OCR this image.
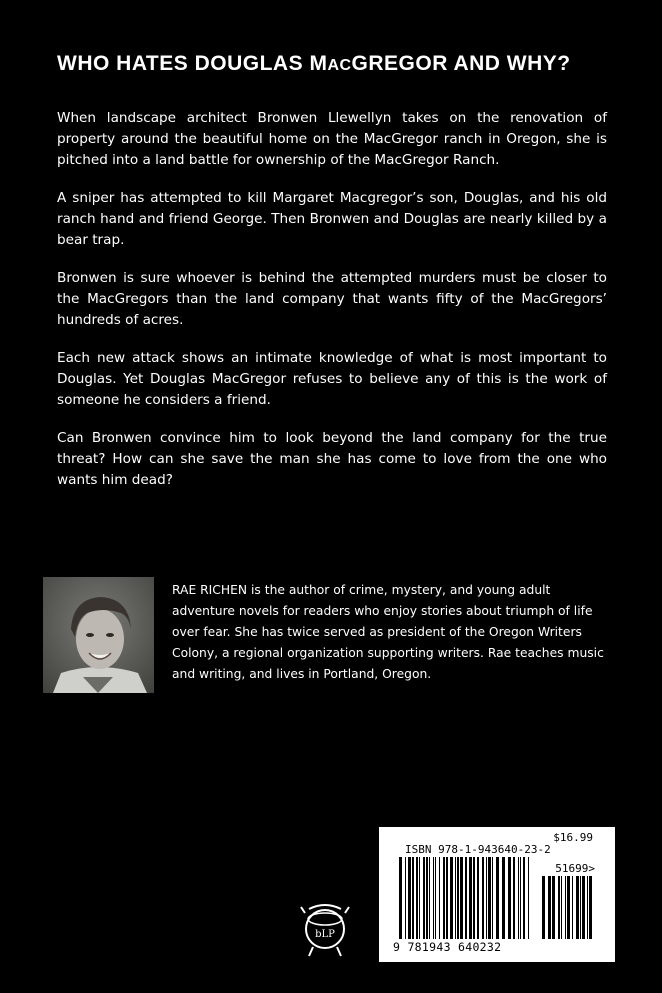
WHO HATES DOUGLAS MACGREGOR AND WHY?

When landscape architect Bronwen Llewellyn takes on the renovation of property around the beautiful home on the MacGregor ranch in Oregon, she is pitched into a land battle for ownership of the MacGregor Ranch.

A sniper has attempted to kill Margaret Macgregor’s son, Douglas, and his old ranch hand and friend George. Then Bronwen and Douglas are nearly killed by a bear trap.

Bronwen is sure whoever is behind the attempted murders must be closer to the MacGregors than the land company that wants fifty of the MacGregors’ hundreds of acres.

Each new attack shows an intimate knowledge of what is most important to Douglas. Yet Douglas MacGregor refuses to believe any of this is the work of someone he considers a friend.

Can Bronwen convince him to look beyond the land company for the true threat? How can she save the man she has come to love from the one who wants him dead?

RAE RICHEN is the author of crime, mystery, and young adult adventure novels for readers who enjoy stories about triumph of life over fear. She has twice served as president of the Oregon Writers Colony, a regional organization supporting writers. Rae teaches music and writing, and lives in Portland, Oregon.
bLP
$16.99
ISBN 978-1-943640-23-2
51699>
9 781943 640232
